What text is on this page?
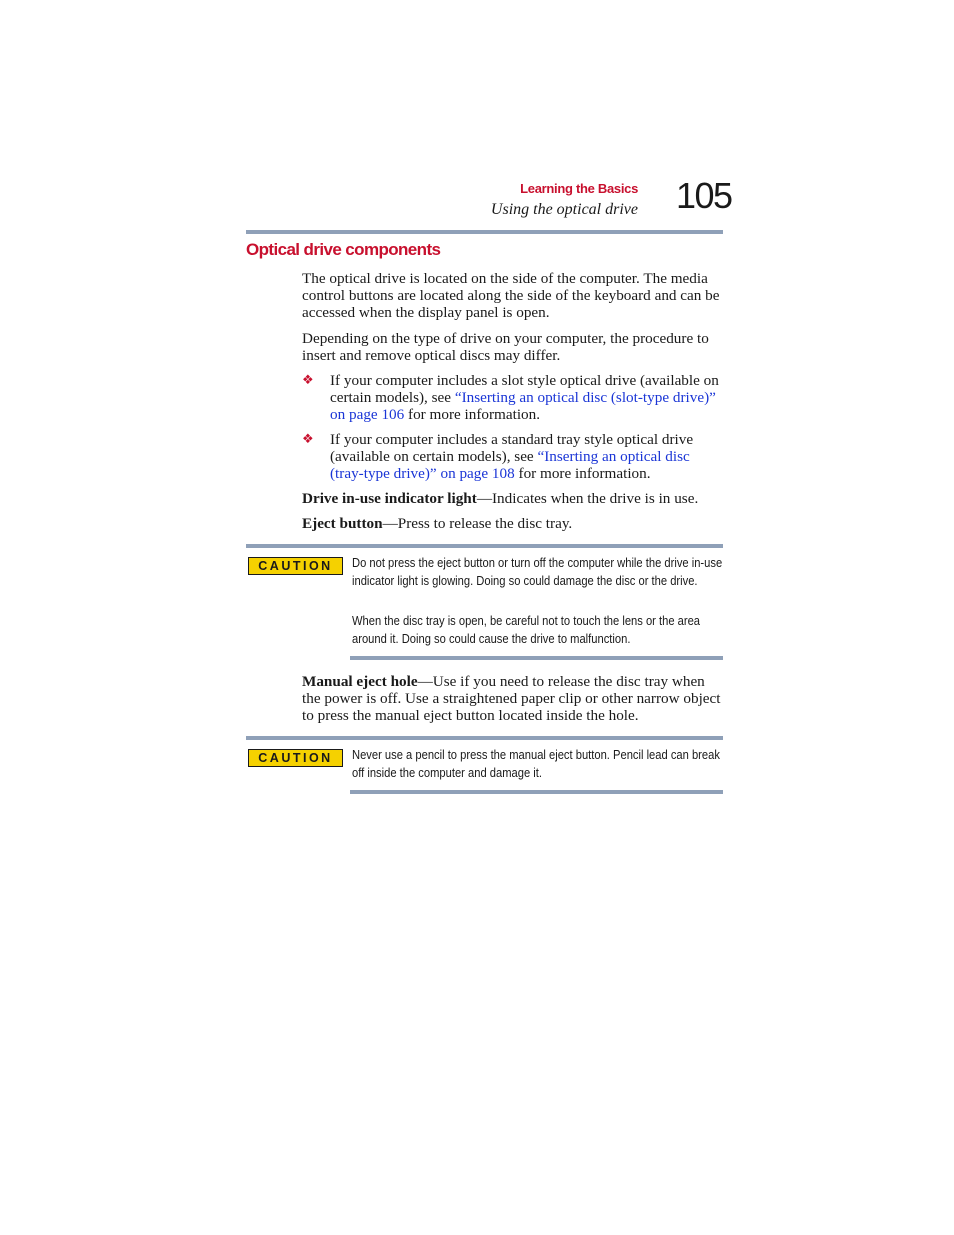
Learning the Basics
Using the optical drive 105
Optical drive components

The optical drive is located on the side of the computer. The media control buttons are located along the side of the keyboard and can be accessed when the display panel is open.

Depending on the type of drive on your computer, the procedure to insert and remove optical discs may differ.

❖ If your computer includes a slot style optical drive (available on certain models), see “Inserting an optical disc (slot-type drive)” on page 106 for more information.
❖ If your computer includes a standard tray style optical drive (available on certain models), see “Inserting an optical disc (tray-type drive)” on page 108 for more information.

Drive in-use indicator light—Indicates when the drive is in use.

Eject button—Press to release the disc tray.

CAUTION	Do not press the eject button or turn off the computer while the drive in-use indicator light is glowing. Doing so could damage the disc or the drive.
When the disc tray is open, be careful not to touch the lens or the area around it. Doing so could cause the drive to malfunction.

Manual eject hole—Use if you need to release the disc tray when the power is off. Use a straightened paper clip or other narrow object to press the manual eject button located inside the hole.

CAUTION	Never use a pencil to press the manual eject button. Pencil lead can break off inside the computer and damage it.
